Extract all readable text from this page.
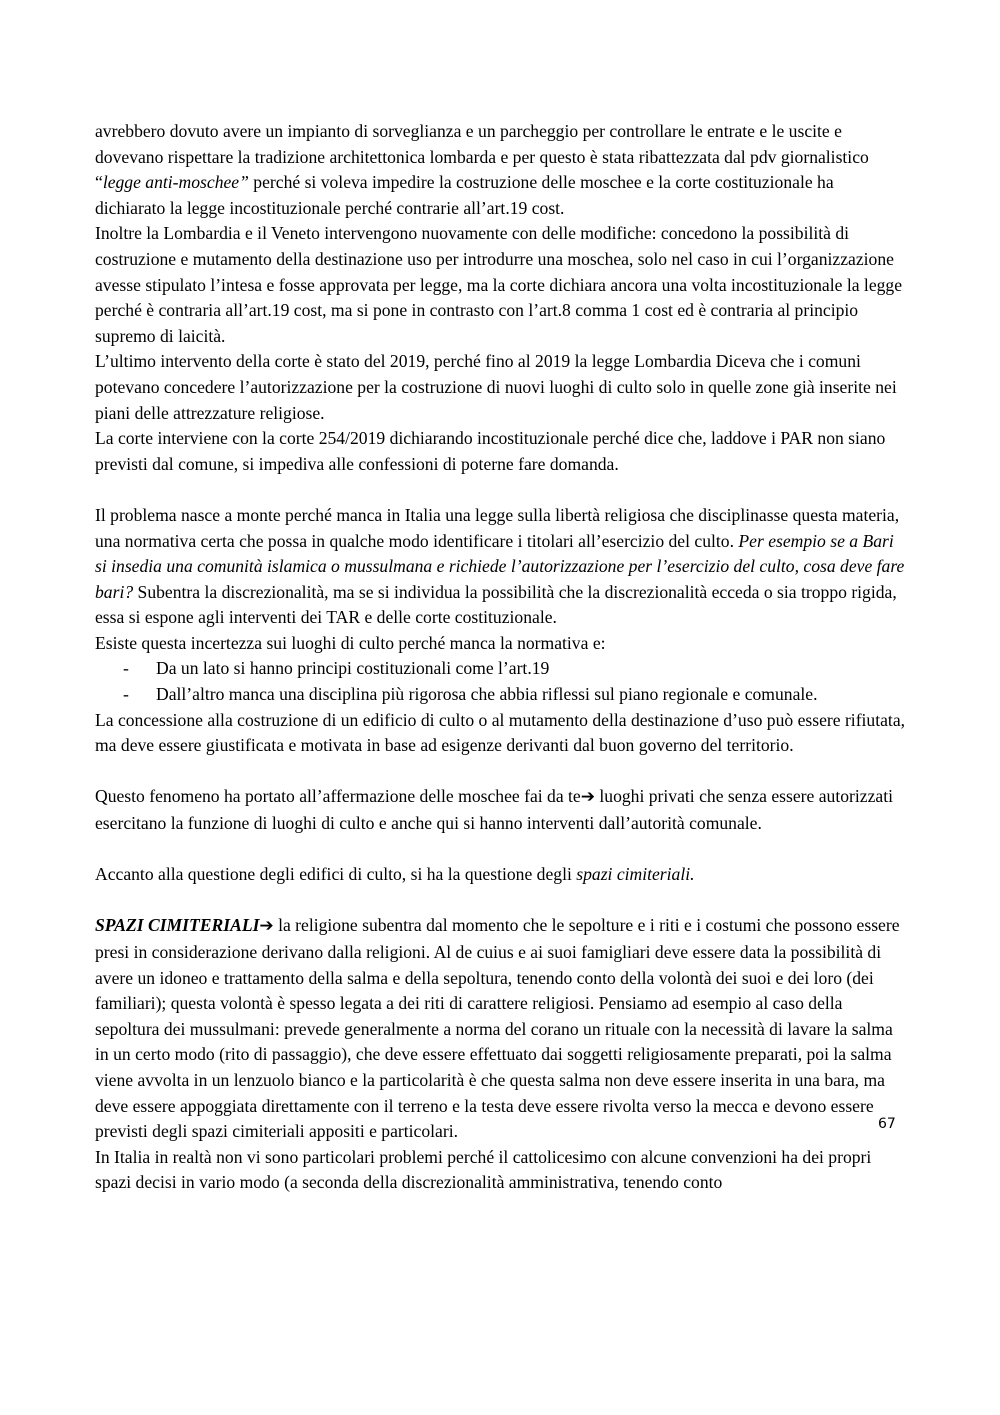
avrebbero dovuto avere un impianto di sorveglianza e un parcheggio per controllare le entrate e le uscite e dovevano rispettare la tradizione architettonica lombarda e per questo è stata ribattezzata dal pdv giornalistico “legge anti-moschee” perché si voleva impedire la costruzione delle moschee e la corte costituzionale ha dichiarato la legge incostituzionale perché contrarie all’art.19 cost.

Inoltre la Lombardia e il Veneto intervengono nuovamente con delle modifiche: concedono la possibilità di costruzione e mutamento della destinazione uso per introdurre una moschea, solo nel caso in cui l’organizzazione avesse stipulato l’intesa e fosse approvata per legge, ma la corte dichiara ancora una volta incostituzionale la legge perché è contraria all’art.19 cost, ma si pone in contrasto con l’art.8 comma 1 cost ed è contraria al principio supremo di laicità.

L’ultimo intervento della corte è stato del 2019, perché fino al 2019 la legge Lombardia Diceva che i comuni potevano concedere l’autorizzazione per la costruzione di nuovi luoghi di culto solo in quelle zone già inserite nei piani delle attrezzature religiose.

La corte interviene con la corte 254/2019 dichiarando incostituzionale perché dice che, laddove i PAR non siano previsti dal comune, si impediva alle confessioni di poterne fare domanda.

Il problema nasce a monte perché manca in Italia una legge sulla libertà religiosa che disciplinasse questa materia, una normativa certa che possa in qualche modo identificare i titolari all’esercizio del culto. Per esempio se a Bari si insedia una comunità islamica o mussulmana e richiede l’autorizzazione per l’esercizio del culto, cosa deve fare bari? Subentra la discrezionalità, ma se si individua la possibilità che la discrezionalità ecceda o sia troppo rigida, essa si espone agli interventi dei TAR e delle corte costituzionale.

Esiste questa incertezza sui luoghi di culto perché manca la normativa e:

- Da un lato si hanno principi costituzionali come l’art.19
- Dall’altro manca una disciplina più rigorosa che abbia riflessi sul piano regionale e comunale.

La concessione alla costruzione di un edificio di culto o al mutamento della destinazione d’uso può essere rifiutata, ma deve essere giustificata e motivata in base ad esigenze derivanti dal buon governo del territorio.

Questo fenomeno ha portato all’affermazione delle moschee fai da te➔ luoghi privati che senza essere autorizzati esercitano la funzione di luoghi di culto e anche qui si hanno interventi dall’autorità comunale.

Accanto alla questione degli edifici di culto, si ha la questione degli spazi cimiteriali.

SPAZI CIMITERIALI➔ la religione subentra dal momento che le sepolture e i riti e i costumi che possono essere presi in considerazione derivano dalla religioni. Al de cuius e ai suoi famigliari deve essere data la possibilità di avere un idoneo e trattamento della salma e della sepoltura, tenendo conto della volontà dei suoi e dei loro (dei familiari); questa volontà è spesso legata a dei riti di carattere religiosi. Pensiamo ad esempio al caso della sepoltura dei mussulmani: prevede generalmente a norma del corano un rituale con la necessità di lavare la salma in un certo modo (rito di passaggio), che deve essere effettuato dai soggetti religiosamente preparati, poi la salma viene avvolta in un lenzuolo bianco e la particolarità è che questa salma non deve essere inserita in una bara, ma deve essere appoggiata direttamente con il terreno e la testa deve essere rivolta verso la mecca e devono essere previsti degli spazi cimiteriali appositi e particolari.

In Italia in realtà non vi sono particolari problemi perché il cattolicesimo con alcune convenzioni ha dei propri spazi decisi in vario modo (a seconda della discrezionalità amministrativa, tenendo conto

67
